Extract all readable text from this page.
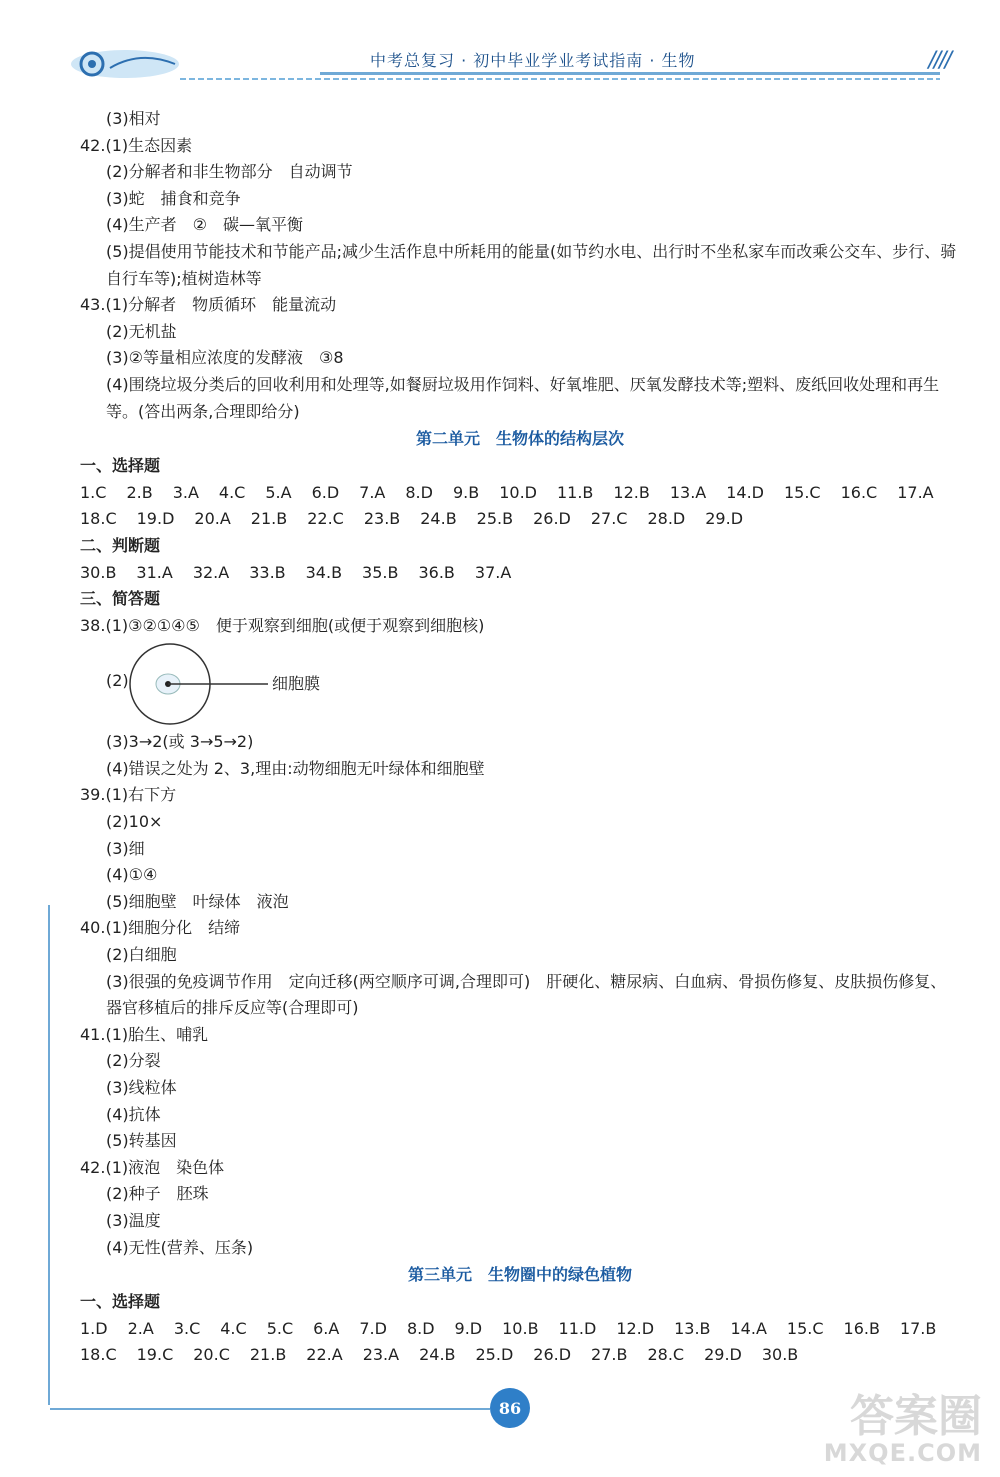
中考总复习 · 初中毕业学业考试指南 · 生物	////
(3)相对
42.(1)生态因素
(2)分解者和非生物部分　自动调节
(3)蛇　捕食和竞争
(4)生产者　②　碳—氧平衡
(5)提倡使用节能技术和节能产品;减少生活作息中所耗用的能量(如节约水电、出行时不坐私家车而改乘公交车、步行、骑自行车等);植树造林等
43.(1)分解者　物质循环　能量流动
(2)无机盐
(3)②等量相应浓度的发酵液　③8
(4)围绕垃圾分类后的回收利用和处理等,如餐厨垃圾用作饲料、好氧堆肥、厌氧发酵技术等;塑料、废纸回收处理和再生等。(答出两条,合理即给分)
第二单元　生物体的结构层次
一、选择题
1.C 2.B 3.A 4.C 5.A 6.D 7.A 8.D 9.B 10.D 11.B 12.B 13.A 14.D 15.C 16.C 17.A
18.C 19.D 20.A 21.B 22.C 23.B 24.B 25.B 26.D 27.C 28.D 29.D
二、判断题
30.B 31.A 32.A 33.B 34.B 35.B 36.B 37.A
三、简答题
38.(1)③②①④⑤　便于观察到细胞(或便于观察到细胞核)
(2)	细胞膜
(3)3→2(或 3→5→2)
(4)错误之处为 2、3,理由:动物细胞无叶绿体和细胞壁
39.(1)右下方
(2)10×
(3)细
(4)①④
(5)细胞壁　叶绿体　液泡
40.(1)细胞分化　结缔
(2)白细胞
(3)很强的免疫调节作用　定向迁移(两空顺序可调,合理即可)　肝硬化、糖尿病、白血病、骨损伤修复、皮肤损伤修复、器官移植后的排斥反应等(合理即可)
41.(1)胎生、哺乳
(2)分裂
(3)线粒体
(4)抗体
(5)转基因
42.(1)液泡　染色体
(2)种子　胚珠
(3)温度
(4)无性(营养、压条)
第三单元　生物圈中的绿色植物
一、选择题
1.D 2.A 3.C 4.C 5.C 6.A 7.D 8.D 9.D 10.B 11.D 12.D 13.B 14.A 15.C 16.B 17.B
18.C 19.C 20.C 21.B 22.A 23.A 24.B 25.D 26.D 27.B 28.C 29.D 30.B
86	答案圈
MXQE.COM
